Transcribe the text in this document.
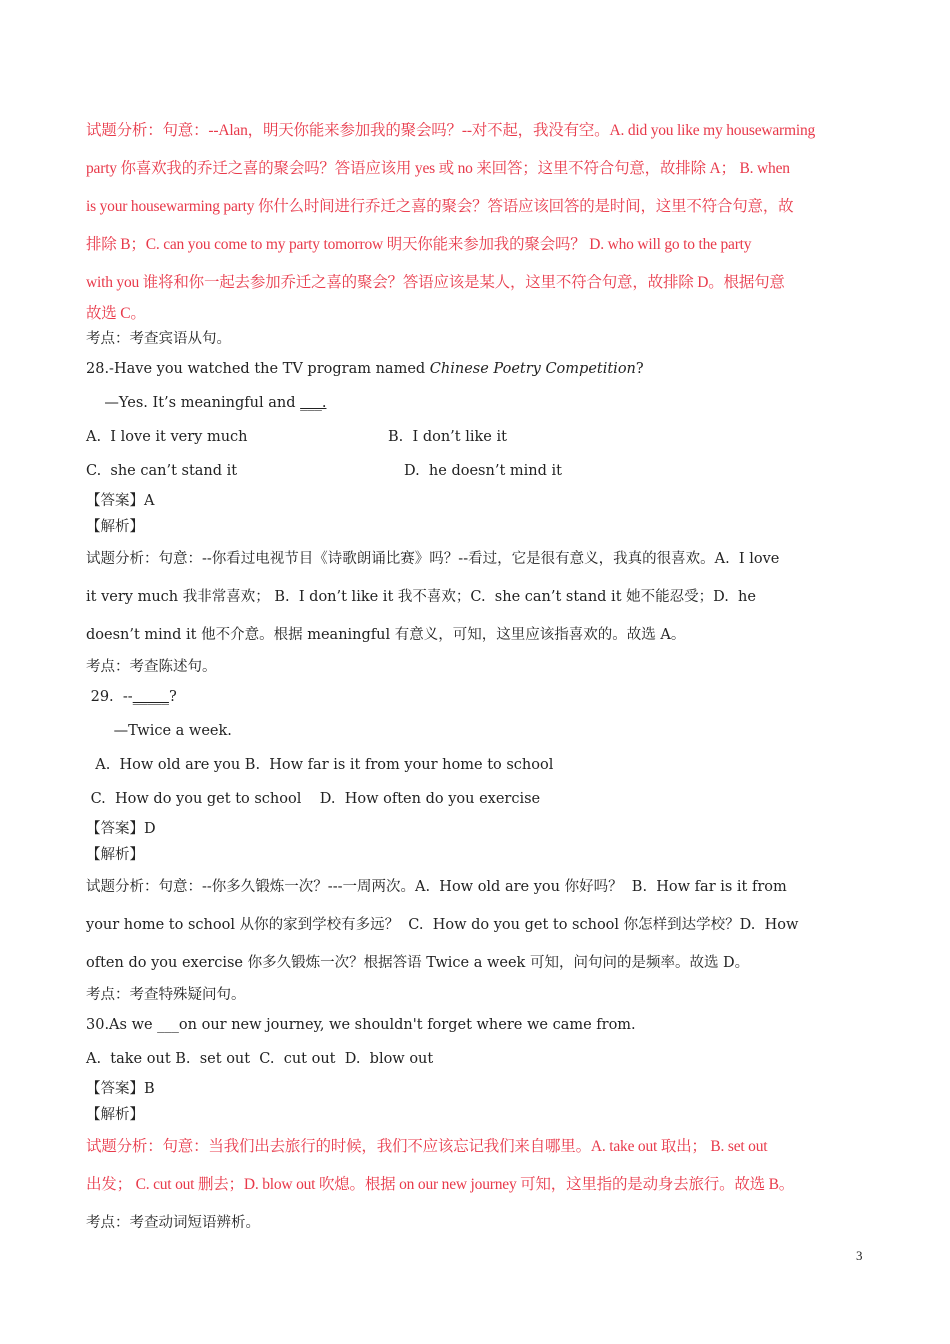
试题分析：句意：--Alan，明天你能来参加我的聚会吗？--对不起，我没有空。A. did you like my housewarming

party 你喜欢我的乔迁之喜的聚会吗？答语应该用 yes 或 no 来回答；这里不符合句意，故排除 A； B. when

is your housewarming party 你什么时间进行乔迁之喜的聚会？答语应该回答的是时间，这里不符合句意，故

排除 B；C. can you come to my party tomorrow 明天你能来参加我的聚会吗？ D. who will go to the party

with you 谁将和你一起去参加乔迁之喜的聚会？答语应该是某人，这里不符合句意，故排除 D。根据句意

故选 C。

考点：考查宾语从句。

28.-Have you watched the TV program named Chinese Poetry Competition?

—Yes. It’s meaningful and ___.

A.  I love it very much	B.  I don’t like it

C.  she can’t stand it	D.  he doesn’t mind it

【答案】A

【解析】

试题分析：句意：--你看过电视节目《诗歌朗诵比赛》吗？--看过，它是很有意义，我真的很喜欢。A.  I love

it very much 我非常喜欢； B.  I don’t like it 我不喜欢；C.  she can’t stand it 她不能忍受；D.  he

doesn’t mind it 他不介意。根据 meaningful 有意义，可知，这里应该指喜欢的。故选 A。

考点：考查陈述句。

29.  --_____?

—Twice a week.

A.  How old are you B.  How far is it from your home to school

C.  How do you get to school    D.  How often do you exercise

【答案】D

【解析】

试题分析：句意：--你多久锻炼一次？---一周两次。A.  How old are you 你好吗？  B.  How far is it from

your home to school 从你的家到学校有多远？  C.  How do you get to school 你怎样到达学校？D.  How

often do you exercise 你多久锻炼一次？根据答语 Twice a week 可知，问句问的是频率。故选 D。

考点：考查特殊疑问句。

30.As we ___on our new journey, we shouldn't forget where we came from.

A.  take out B.  set out  C.  cut out  D.  blow out

【答案】B

【解析】

试题分析：句意：当我们出去旅行的时候，我们不应该忘记我们来自哪里。A. take out 取出； B. set out

出发； C. cut out 删去；D. blow out 吹熄。根据 on our new journey 可知，这里指的是动身去旅行。故选 B。

考点：考查动词短语辨析。

3
